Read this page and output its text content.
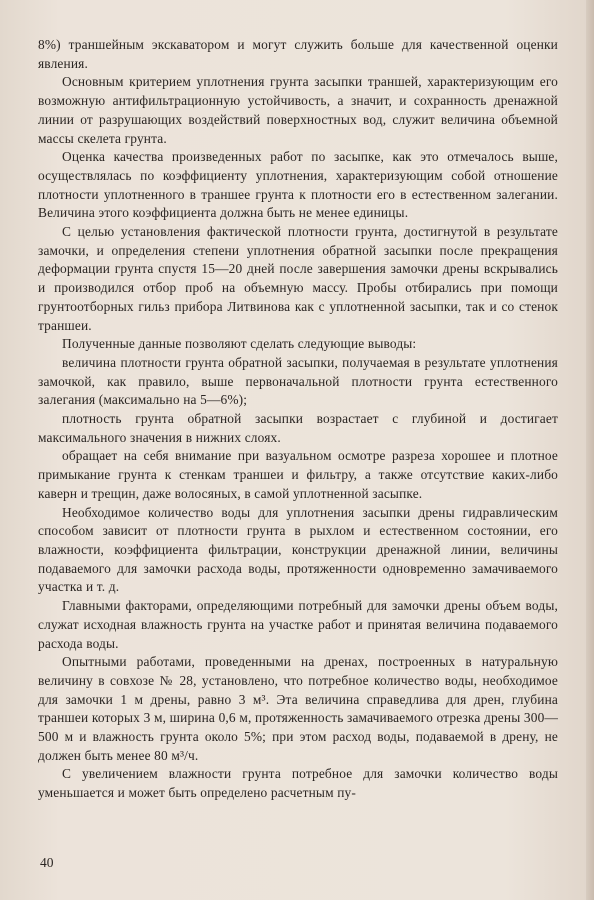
8%) траншейным экскаватором и могут служить больше для качественной оценки явления.

Основным критерием уплотнения грунта засыпки траншей, характеризующим его возможную антифильтрационную устойчивость, а значит, и сохранность дренажной линии от разрушающих воздействий поверхностных вод, служит величина объемной массы скелета грунта.

Оценка качества произведенных работ по засыпке, как это отмечалось выше, осуществлялась по коэффициенту уплотнения, характеризующим собой отношение плотности уплотненного в траншее грунта к плотности его в естественном залегании. Величина этого коэффициента должна быть не менее единицы.

С целью установления фактической плотности грунта, достигнутой в результате замочки, и определения степени уплотнения обратной засыпки после прекращения деформации грунта спустя 15—20 дней после завершения замочки дрены вскрывались и производился отбор проб на объемную массу. Пробы отбирались при помощи грунтоотборных гильз прибора Литвинова как с уплотненной засыпки, так и со стенок траншеи.

Полученные данные позволяют сделать следующие выводы:

величина плотности грунта обратной засыпки, получаемая в результате уплотнения замочкой, как правило, выше первоначальной плотности грунта естественного залегания (максимально на 5—6%);

плотность грунта обратной засыпки возрастает с глубиной и достигает максимального значения в нижних слоях.

обращает на себя внимание при вазуальном осмотре разреза хорошее и плотное примыкание грунта к стенкам траншеи и фильтру, а также отсутствие каких-либо каверн и трещин, даже волосяных, в самой уплотненной засыпке.

Необходимое количество воды для уплотнения засыпки дрены гидравлическим способом зависит от плотности грунта в рыхлом и естественном состоянии, его влажности, коэффициента фильтрации, конструкции дренажной линии, величины подаваемого для замочки расхода воды, протяженности одновременно замачиваемого участка и т. д.

Главными факторами, определяющими потребный для замочки дрены объем воды, служат исходная влажность грунта на участке работ и принятая величина подаваемого расхода воды.

Опытными работами, проведенными на дренах, построенных в натуральную величину в совхозе № 28, установлено, что потребное количество воды, необходимое для замочки 1 м дрены, равно 3 м³. Эта величина справедлива для дрен, глубина траншеи которых 3 м, ширина 0,6 м, протяженность замачиваемого отрезка дрены 300—500 м и влажность грунта около 5%; при этом расход воды, подаваемой в дрену, не должен быть менее 80 м³/ч.

С увеличением влажности грунта потребное для замочки количество воды уменьшается и может быть определено расчетным пу-

40
